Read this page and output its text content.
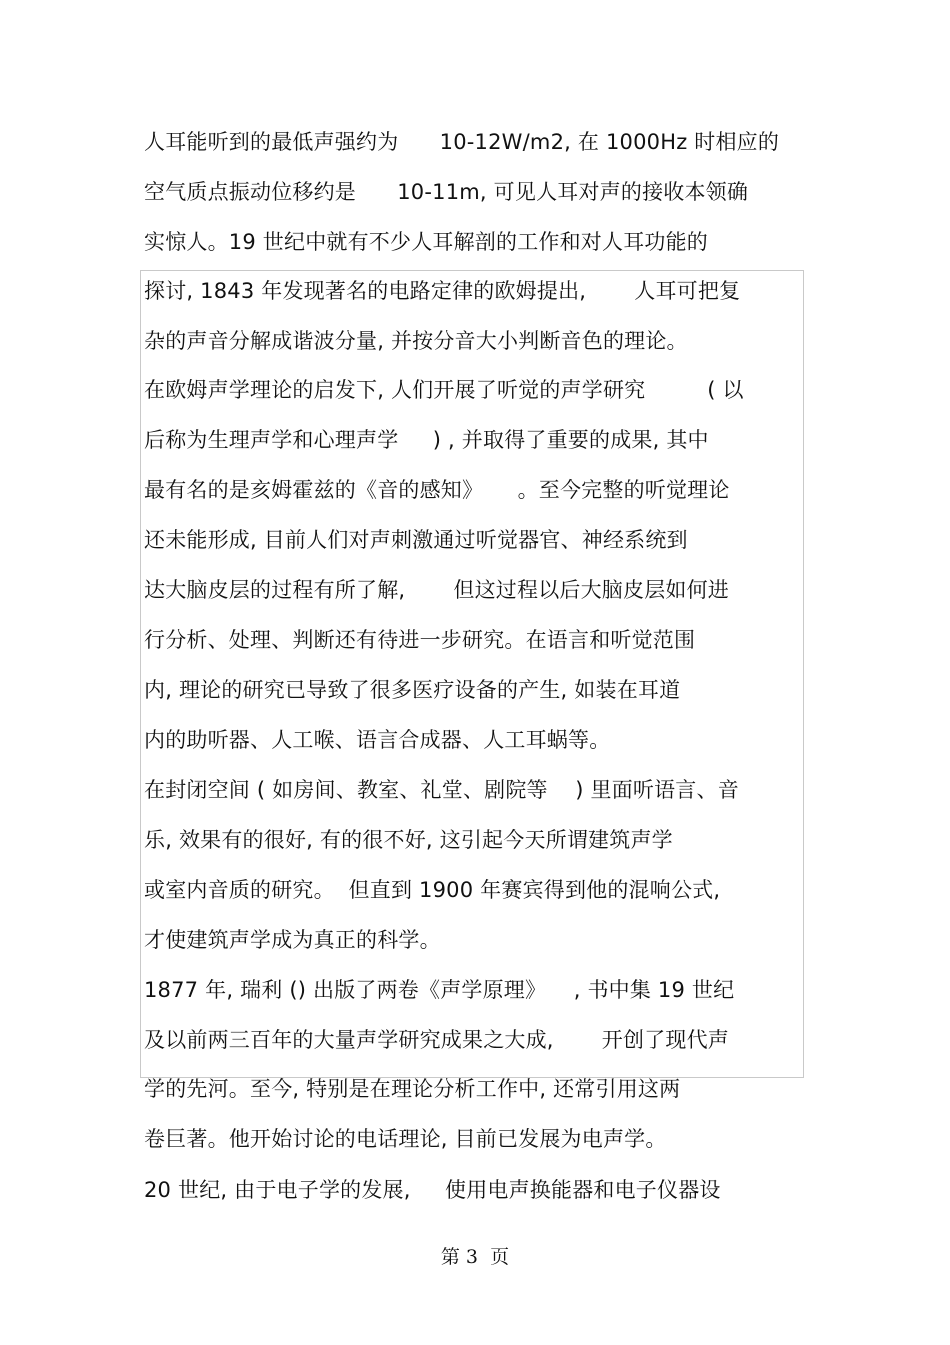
人耳能听到的最低声强约为      10-12W/m2, 在 1000Hz 时相应的
空气质点振动位移约是      10-11m, 可见人耳对声的接收本领确
实惊人。19 世纪中就有不少人耳解剖的工作和对人耳功能的
探讨, 1843 年发现著名的电路定律的欧姆提出,       人耳可把复
杂的声音分解成谐波分量, 并按分音大小判断音色的理论。
在欧姆声学理论的启发下, 人们开展了听觉的声学研究         ( 以
后称为生理声学和心理声学     ) , 并取得了重要的成果, 其中
最有名的是亥姆霍兹的《音的感知》     。至今完整的听觉理论
还未能形成, 目前人们对声刺激通过听觉器官、神经系统到
达大脑皮层的过程有所了解,       但这过程以后大脑皮层如何进
行分析、处理、判断还有待进一步研究。在语言和听觉范围
内, 理论的研究已导致了很多医疗设备的产生, 如装在耳道
内的助听器、人工喉、语言合成器、人工耳蜗等。
在封闭空间 ( 如房间、教室、礼堂、剧院等    ) 里面听语言、音
乐, 效果有的很好, 有的很不好, 这引起今天所谓建筑声学
或室内音质的研究。  但直到 1900 年赛宾得到他的混响公式,
才使建筑声学成为真正的科学。
1877 年, 瑞利 () 出版了两卷《声学原理》    , 书中集 19 世纪
及以前两三百年的大量声学研究成果之大成,       开创了现代声
学的先河。至今, 特别是在理论分析工作中, 还常引用这两
卷巨著。他开始讨论的电话理论, 目前已发展为电声学。
20 世纪, 由于电子学的发展,     使用电声换能器和电子仪器设
第 3  页
